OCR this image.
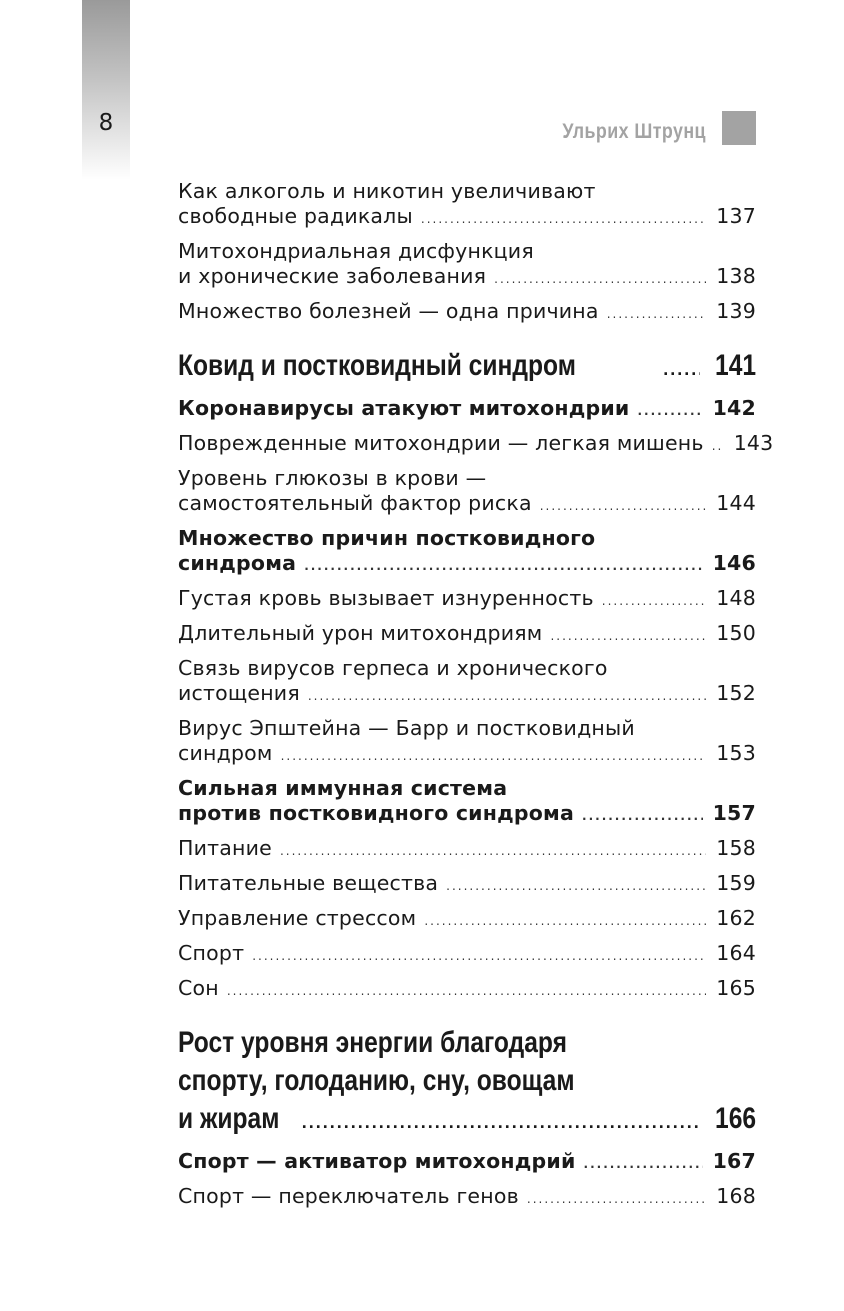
8	Ульрих Штрунц
Как алкоголь и никотин увеличивают
свободные радикалы .....	137
Митохондриальная дисфункция
и хронические заболевания .....	138
Множество болезней — одна причина .....	139
Ковид и постковидный синдром .....	141
Коронавирусы атакуют митохондрии .....	142
Поврежденные митохондрии — легкая мишень ..... 143
Уровень глюкозы в крови —
самостоятельный фактор риска .....	144
Множество причин постковидного
синдрома .....	146
Густая кровь вызывает изнуренность .....	148
Длительный урон митохондриям .....	150
Связь вирусов герпеса и хронического
истощения .....	152
Вирус Эпштейна — Барр и постковидный
синдром .....	153
Сильная иммунная система
против постковидного синдрома .....	157
Питание .....	158
Питательные вещества .....	159
Управление стрессом .....	162
Спорт .....	164
Сон .....	165
Рост уровня энергии благодаря
спорту, голоданию, сну, овощам
и жирам .....	166
Спорт — активатор митохондрий .....	167
Спорт — переключатель генов .....	168
